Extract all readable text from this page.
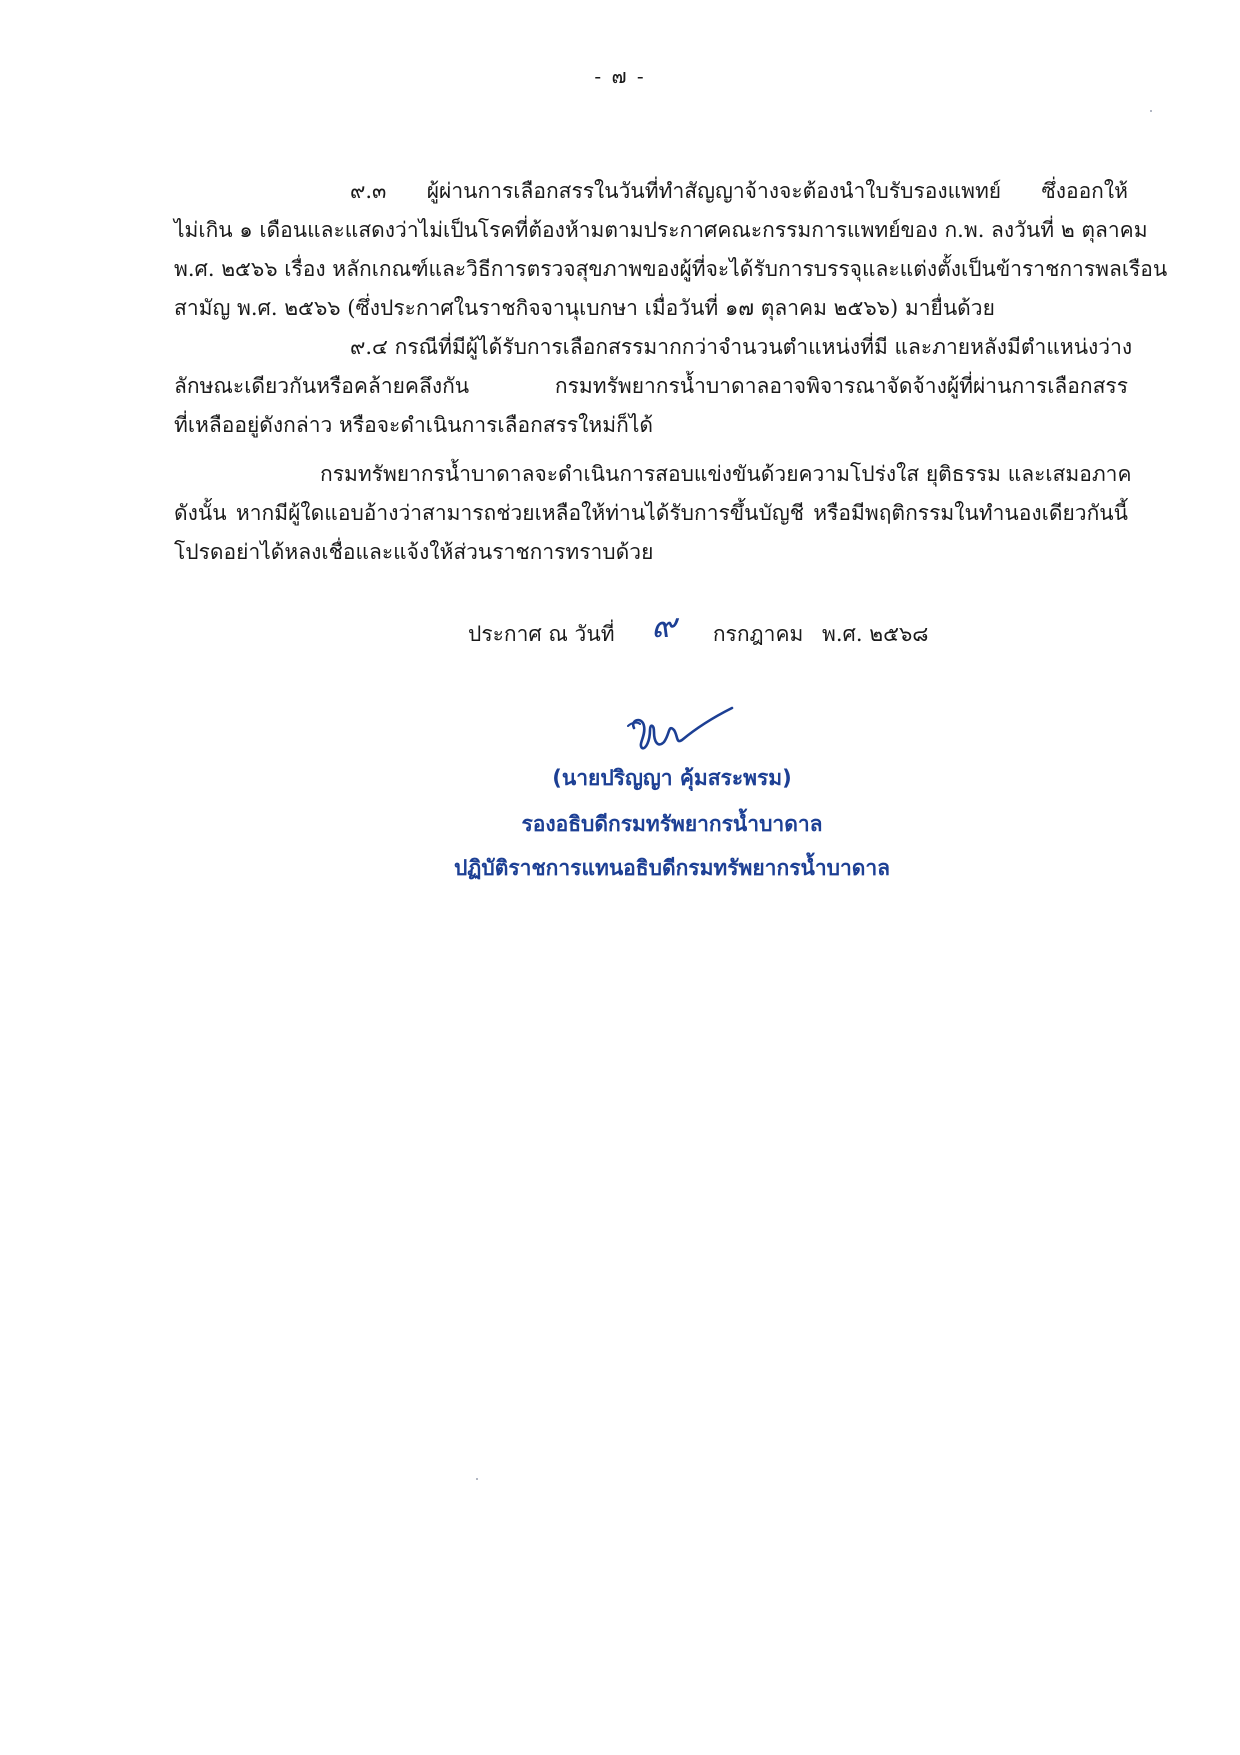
- ๗ -
๙.๓ ผู้ผ่านการเลือกสรรในวันที่ทำสัญญาจ้างจะต้องนำใบรับรองแพทย์ ซึ่งออกให้
ไม่เกิน ๑ เดือนและแสดงว่าไม่เป็นโรคที่ต้องห้ามตามประกาศคณะกรรมการแพทย์ของ ก.พ. ลงวันที่ ๒ ตุลาคม
พ.ศ. ๒๕๖๖ เรื่อง หลักเกณฑ์และวิธีการตรวจสุขภาพของผู้ที่จะได้รับการบรรจุและแต่งตั้งเป็นข้าราชการพลเรือน
สามัญ พ.ศ. ๒๕๖๖ (ซึ่งประกาศในราชกิจจานุเบกษา เมื่อวันที่ ๑๗ ตุลาคม ๒๕๖๖) มายื่นด้วย
๙.๔ กรณีที่มีผู้ได้รับการเลือกสรรมากกว่าจำนวนตำแหน่งที่มี และภายหลังมีตำแหน่งว่าง
ลักษณะเดียวกันหรือคล้ายคลึงกัน กรมทรัพยากรน้ำบาดาลอาจพิจารณาจัดจ้างผู้ที่ผ่านการเลือกสรร
ที่เหลืออยู่ดังกล่าว หรือจะดำเนินการเลือกสรรใหม่ก็ได้
กรมทรัพยากรน้ำบาดาลจะดำเนินการสอบแข่งขันด้วยความโปร่งใส ยุติธรรม และเสมอภาค
ดังนั้น หากมีผู้ใดแอบอ้างว่าสามารถช่วยเหลือให้ท่านได้รับการขึ้นบัญชี หรือมีพฤติกรรมในทำนองเดียวกันนี้
โปรดอย่าได้หลงเชื่อและแจ้งให้ส่วนราชการทราบด้วย
ประกาศ ณ วันที่ ๙ กรกฎาคม พ.ศ. ๒๕๖๘
(นายปริญญา คุ้มสระพรม)
รองอธิบดีกรมทรัพยากรน้ำบาดาล
ปฏิบัติราชการแทนอธิบดีกรมทรัพยากรน้ำบาดาล
